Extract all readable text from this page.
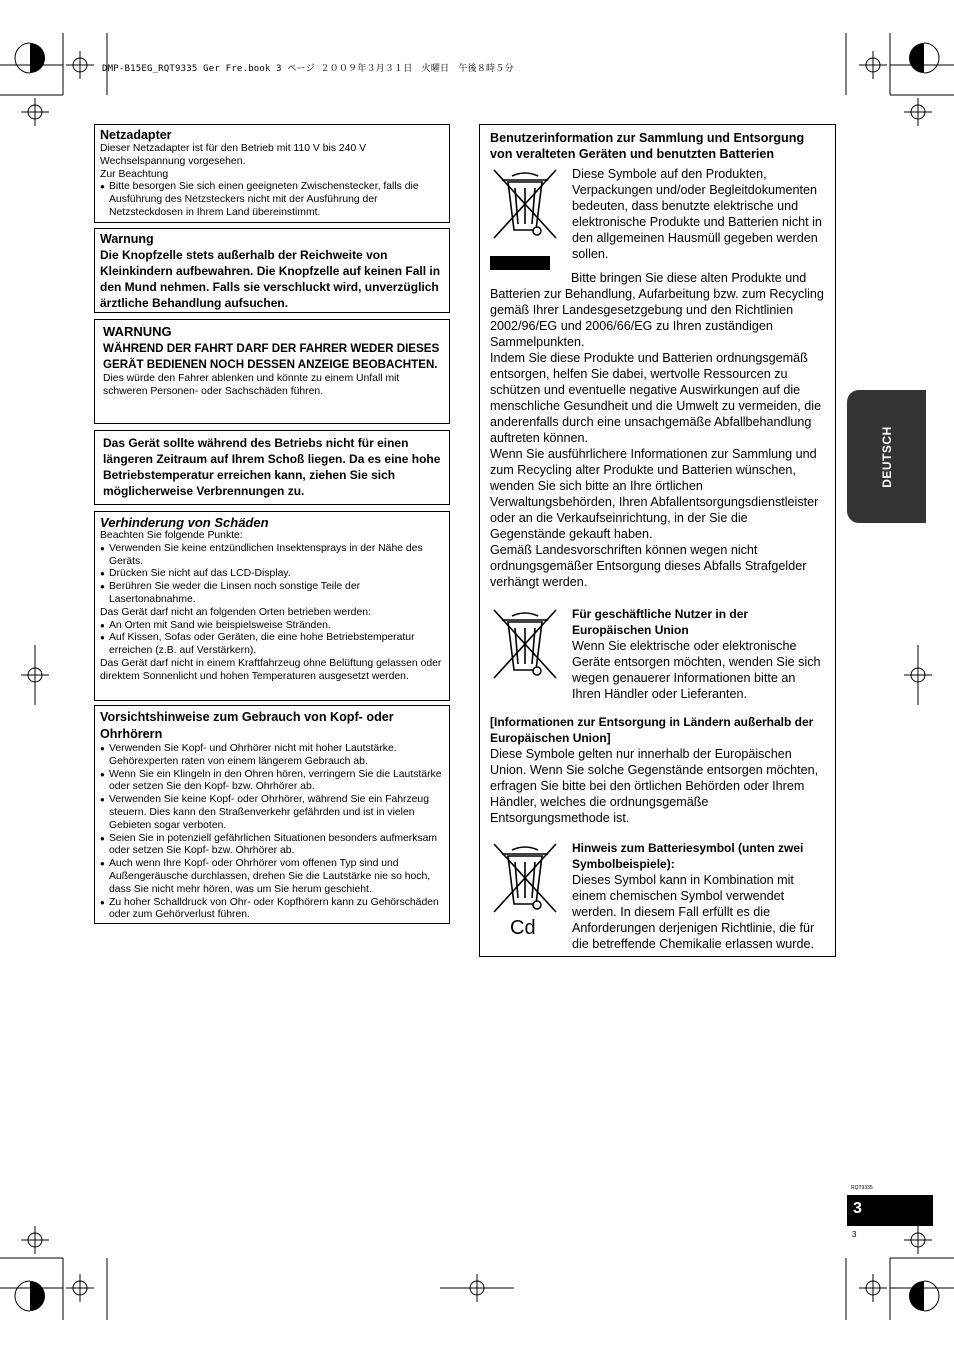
DMP-B15EG_RQT9335 Ger Fre.book 3 ページ ２００９年３月３１日　火曜日　午後８時５分
Netzadapter

Dieser Netzadapter ist für den Betrieb mit 110 V bis 240 V Wechselspannung vorgesehen.

Zur Beachtung

● Bitte besorgen Sie sich einen geeigneten Zwischenstecker, falls die Ausführung des Netzsteckers nicht mit der Ausführung der Netzsteckdosen in Ihrem Land übereinstimmt.
Warnung

Die Knopfzelle stets außerhalb der Reichweite von Kleinkindern aufbewahren. Die Knopfzelle auf keinen Fall in den Mund nehmen. Falls sie verschluckt wird, unverzüglich ärztliche Behandlung aufsuchen.

WARNUNG

WÄHREND DER FAHRT DARF DER FAHRER WEDER DIESES GERÄT BEDIENEN NOCH DESSEN ANZEIGE BEOBACHTEN.

Dies würde den Fahrer ablenken und könnte zu einem Unfall mit schweren Personen- oder Sachschäden führen.

Das Gerät sollte während des Betriebs nicht für einen längeren Zeitraum auf Ihrem Schoß liegen. Da es eine hohe Betriebstemperatur erreichen kann, ziehen Sie sich möglicherweise Verbrennungen zu.

Verhinderung von Schäden

Beachten Sie folgende Punkte:

● Verwenden Sie keine entzündlichen Insektensprays in der Nähe des Geräts.
● Drücken Sie nicht auf das LCD-Display.
● Berühren Sie weder die Linsen noch sonstige Teile der Lasertonabnahme.

Das Gerät darf nicht an folgenden Orten betrieben werden:

● An Orten mit Sand wie beispielsweise Stränden.
● Auf Kissen, Sofas oder Geräten, die eine hohe Betriebstemperatur erreichen (z.B. auf Verstärkern).

Das Gerät darf nicht in einem Kraftfahrzeug ohne Belüftung gelassen oder direktem Sonnenlicht und hohen Temperaturen ausgesetzt werden.

Vorsichtshinweise zum Gebrauch von Kopf- oder Ohrhörern
● Verwenden Sie Kopf- und Ohrhörer nicht mit hoher Lautstärke. Gehörexperten raten von einem längerem Gebrauch ab.
● Wenn Sie ein Klingeln in den Ohren hören, verringern Sie die Lautstärke oder setzen Sie den Kopf- bzw. Ohrhörer ab.
● Verwenden Sie keine Kopf- oder Ohrhörer, während Sie ein Fahrzeug steuern. Dies kann den Straßenverkehr gefährden und ist in vielen Gebieten sogar verboten.
● Seien Sie in potenziell gefährlichen Situationen besonders aufmerksam oder setzen Sie Kopf- bzw. Ohrhörer ab.
● Auch wenn Ihre Kopf- oder Ohrhörer vom offenen Typ sind und Außengeräusche durchlassen, drehen Sie die Lautstärke nie so hoch, dass Sie nicht mehr hören, was um Sie herum geschieht.
● Zu hoher Schalldruck von Ohr- oder Kopfhörern kann zu Gehörschäden oder zum Gehörverlust führen.

Benutzerinformation zur Sammlung und Entsorgung von veralteten Geräten und benutzten Batterien

Diese Symbole auf den Produkten, Verpackungen und/oder Begleitdokumenten bedeuten, dass benutzte elektrische und elektronische Produkte und Batterien nicht in den allgemeinen Hausmüll gegeben werden sollen.

Bitte bringen Sie diese alten Produkte und Batterien zur Behandlung, Aufarbeitung bzw. zum Recycling gemäß Ihrer Landesgesetzgebung und den Richtlinien 2002/96/EG und 2006/66/EG zu Ihren zuständigen Sammelpunkten.

Indem Sie diese Produkte und Batterien ordnungsgemäß entsorgen, helfen Sie dabei, wertvolle Ressourcen zu schützen und eventuelle negative Auswirkungen auf die menschliche Gesundheit und die Umwelt zu vermeiden, die anderenfalls durch eine unsachgemäße Abfallbehandlung auftreten können.

Wenn Sie ausführlichere Informationen zur Sammlung und zum Recycling alter Produkte und Batterien wünschen, wenden Sie sich bitte an Ihre örtlichen Verwaltungsbehörden, Ihren Abfallentsorgungsdienstleister oder an die Verkaufseinrichtung, in der Sie die Gegenstände gekauft haben.

Gemäß Landesvorschriften können wegen nicht ordnungsgemäßer Entsorgung dieses Abfalls Strafgelder verhängt werden.

Für geschäftliche Nutzer in der Europäischen Union

Wenn Sie elektrische oder elektronische Geräte entsorgen möchten, wenden Sie sich wegen genauerer Informationen bitte an Ihren Händler oder Lieferanten.

[Informationen zur Entsorgung in Ländern außerhalb der Europäischen Union]

Diese Symbole gelten nur innerhalb der Europäischen Union. Wenn Sie solche Gegenstände entsorgen möchten, erfragen Sie bitte bei den örtlichen Behörden oder Ihrem Händler, welches die ordnungsgemäße Entsorgungsmethode ist.

Cd

Hinweis zum Batteriesymbol (unten zwei Symbolbeispiele):

Dieses Symbol kann in Kombination mit einem chemischen Symbol verwendet werden. In diesem Fall erfüllt es die Anforderungen derjenigen Richtlinie, die für die betreffende Chemikalie erlassen wurde.

DEUTSCH
RQT9335
3
3
